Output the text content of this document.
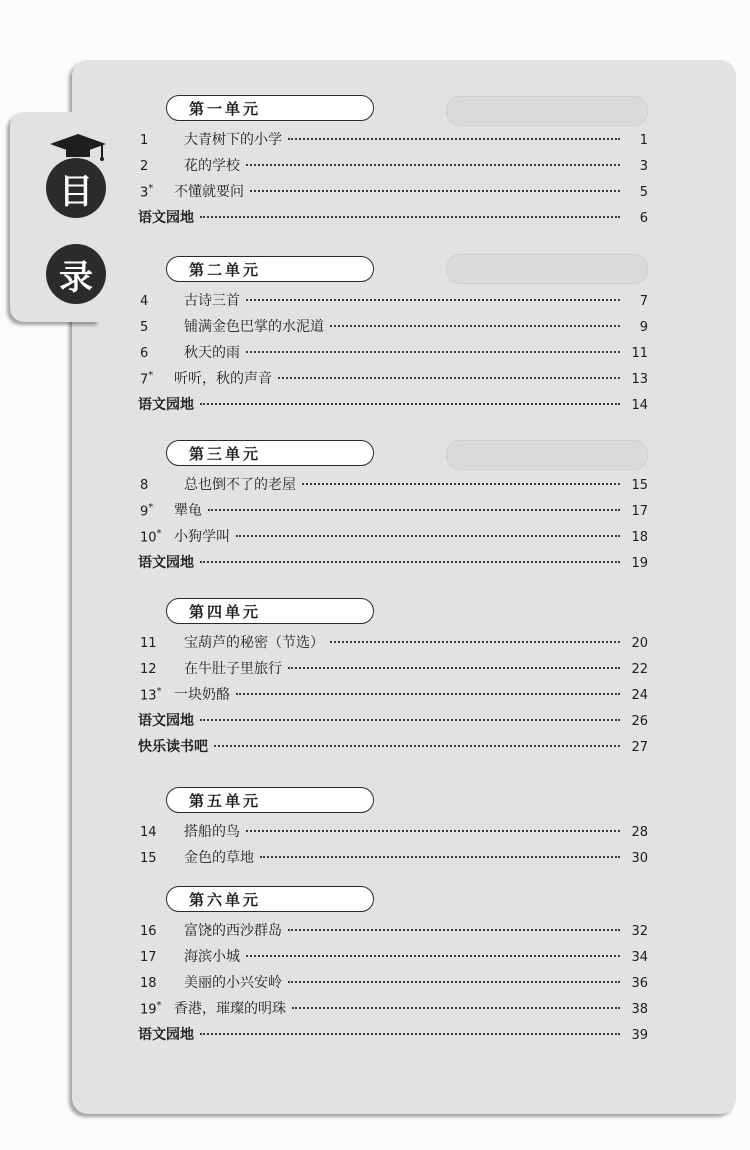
目
录
第一单元
1	大青树下的小学	1
2	花的学校	3
3*	不懂就要问	5
语文园地	6
第二单元
4	古诗三首	7
5	铺满金色巴掌的水泥道	9
6	秋天的雨	11
7*	听听，秋的声音	13
语文园地	14
第三单元
8	总也倒不了的老屋	15
9*	犟龟	17
10* 小狗学叫	18
语文园地	19
第四单元
11	宝葫芦的秘密（节选）	20
12	在牛肚子里旅行	22
13* 一块奶酪	24
语文园地	26
快乐读书吧	27
第五单元
14	搭船的鸟	28
15	金色的草地	30
第六单元
16	富饶的西沙群岛	32
17	海滨小城	34
18	美丽的小兴安岭	36
19* 香港，璀璨的明珠	38
语文园地	39
